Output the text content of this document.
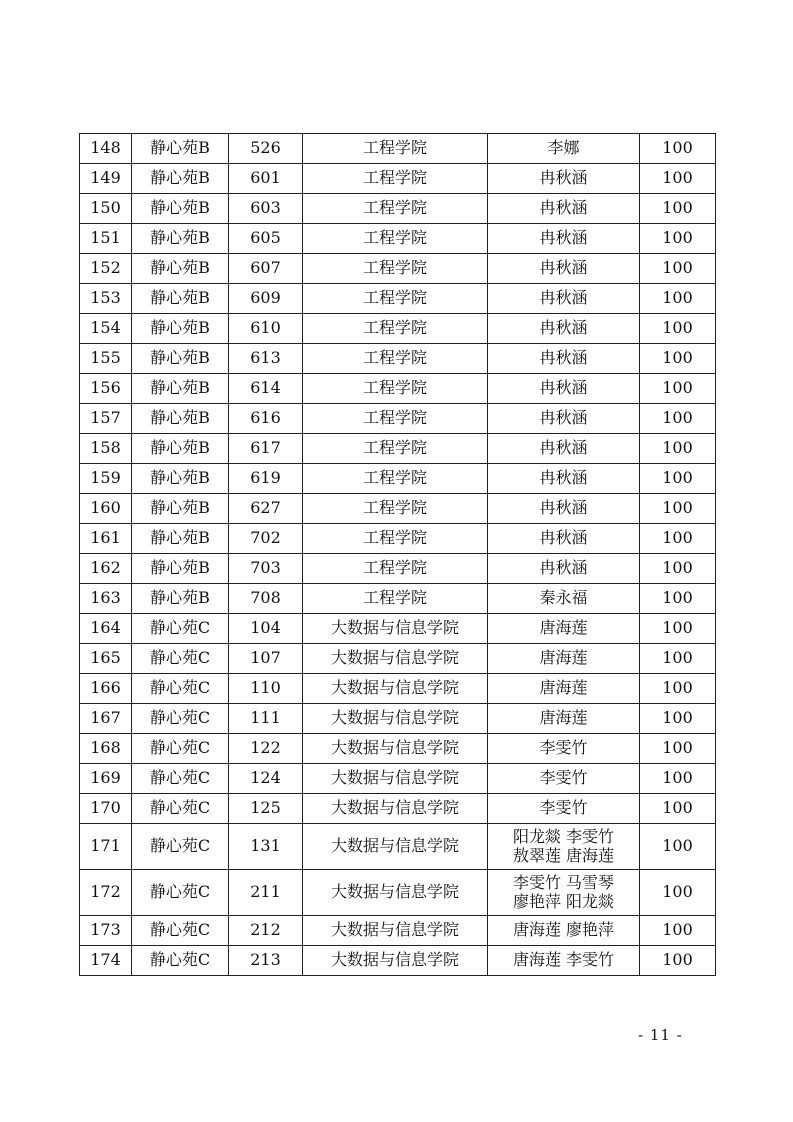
148	静心苑B	526	工程学院	李娜	100
149	静心苑B	601	工程学院	冉秋涵	100
150	静心苑B	603	工程学院	冉秋涵	100
151	静心苑B	605	工程学院	冉秋涵	100
152	静心苑B	607	工程学院	冉秋涵	100
153	静心苑B	609	工程学院	冉秋涵	100
154	静心苑B	610	工程学院	冉秋涵	100
155	静心苑B	613	工程学院	冉秋涵	100
156	静心苑B	614	工程学院	冉秋涵	100
157	静心苑B	616	工程学院	冉秋涵	100
158	静心苑B	617	工程学院	冉秋涵	100
159	静心苑B	619	工程学院	冉秋涵	100
160	静心苑B	627	工程学院	冉秋涵	100
161	静心苑B	702	工程学院	冉秋涵	100
162	静心苑B	703	工程学院	冉秋涵	100
163	静心苑B	708	工程学院	秦永福	100
164	静心苑C	104	大数据与信息学院	唐海莲	100
165	静心苑C	107	大数据与信息学院	唐海莲	100
166	静心苑C	110	大数据与信息学院	唐海莲	100
167	静心苑C	111	大数据与信息学院	唐海莲	100
168	静心苑C	122	大数据与信息学院	李雯竹	100
169	静心苑C	124	大数据与信息学院	李雯竹	100
170	静心苑C	125	大数据与信息学院	李雯竹	100
171	静心苑C	131	大数据与信息学院	阳龙燚 李雯竹
敖翠莲 唐海莲	100
172	静心苑C	211	大数据与信息学院	李雯竹 马雪琴
廖艳萍 阳龙燚	100
173	静心苑C	212	大数据与信息学院	唐海莲 廖艳萍	100
174	静心苑C	213	大数据与信息学院	唐海莲 李雯竹	100
- 11 -
